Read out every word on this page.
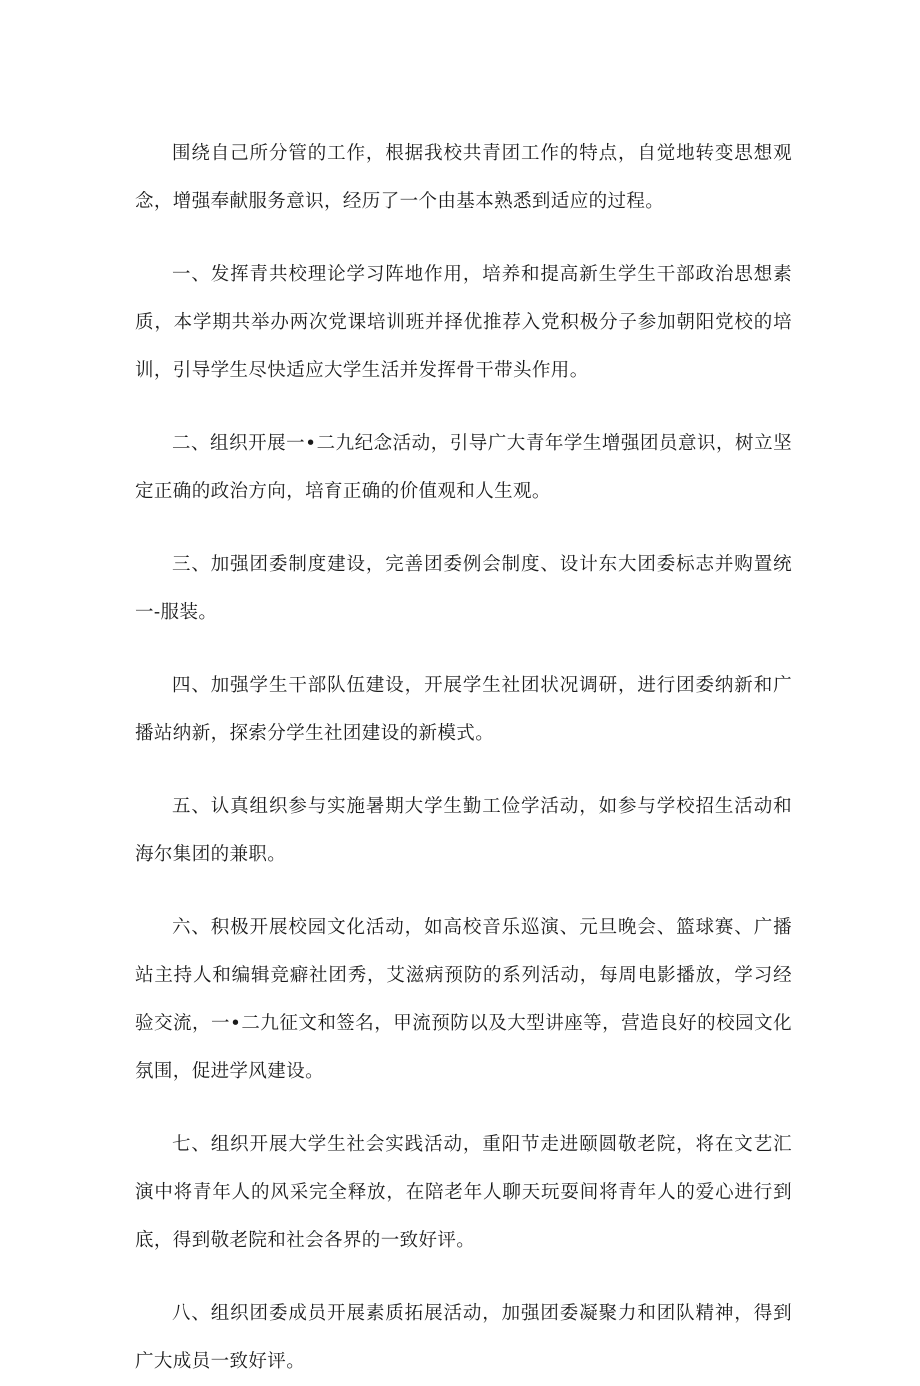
围绕自己所分管的工作，根据我校共青团工作的特点，自觉地转变思想观念，增强奉献服务意识，经历了一个由基本熟悉到适应的过程。

一、发挥青共校理论学习阵地作用，培养和提高新生学生干部政治思想素质，本学期共举办两次党课培训班并择优推荐入党积极分子参加朝阳党校的培训，引导学生尽快适应大学生活并发挥骨干带头作用。

二、组织开展一•二九纪念活动，引导广大青年学生增强团员意识，树立坚定正确的政治方向，培育正确的价值观和人生观。

三、加强团委制度建设，完善团委例会制度、设计东大团委标志并购置统一-服装。

四、加强学生干部队伍建设，开展学生社团状况调研，进行团委纳新和广播站纳新，探索分学生社团建设的新模式。

五、认真组织参与实施暑期大学生勤工俭学活动，如参与学校招生活动和海尔集团的兼职。

六、积极开展校园文化活动，如高校音乐巡演、元旦晚会、篮球赛、广播站主持人和编辑竞癖社团秀，艾滋病预防的系列活动，每周电影播放，学习经验交流，一•二九征文和签名，甲流预防以及大型讲座等，营造良好的校园文化氛围，促进学风建设。

七、组织开展大学生社会实践活动，重阳节走进颐圆敬老院，将在文艺汇演中将青年人的风采完全释放，在陪老年人聊天玩耍间将青年人的爱心进行到底，得到敬老院和社会各界的一致好评。

八、组织团委成员开展素质拓展活动，加强团委凝聚力和团队精神，得到广大成员一致好评。
